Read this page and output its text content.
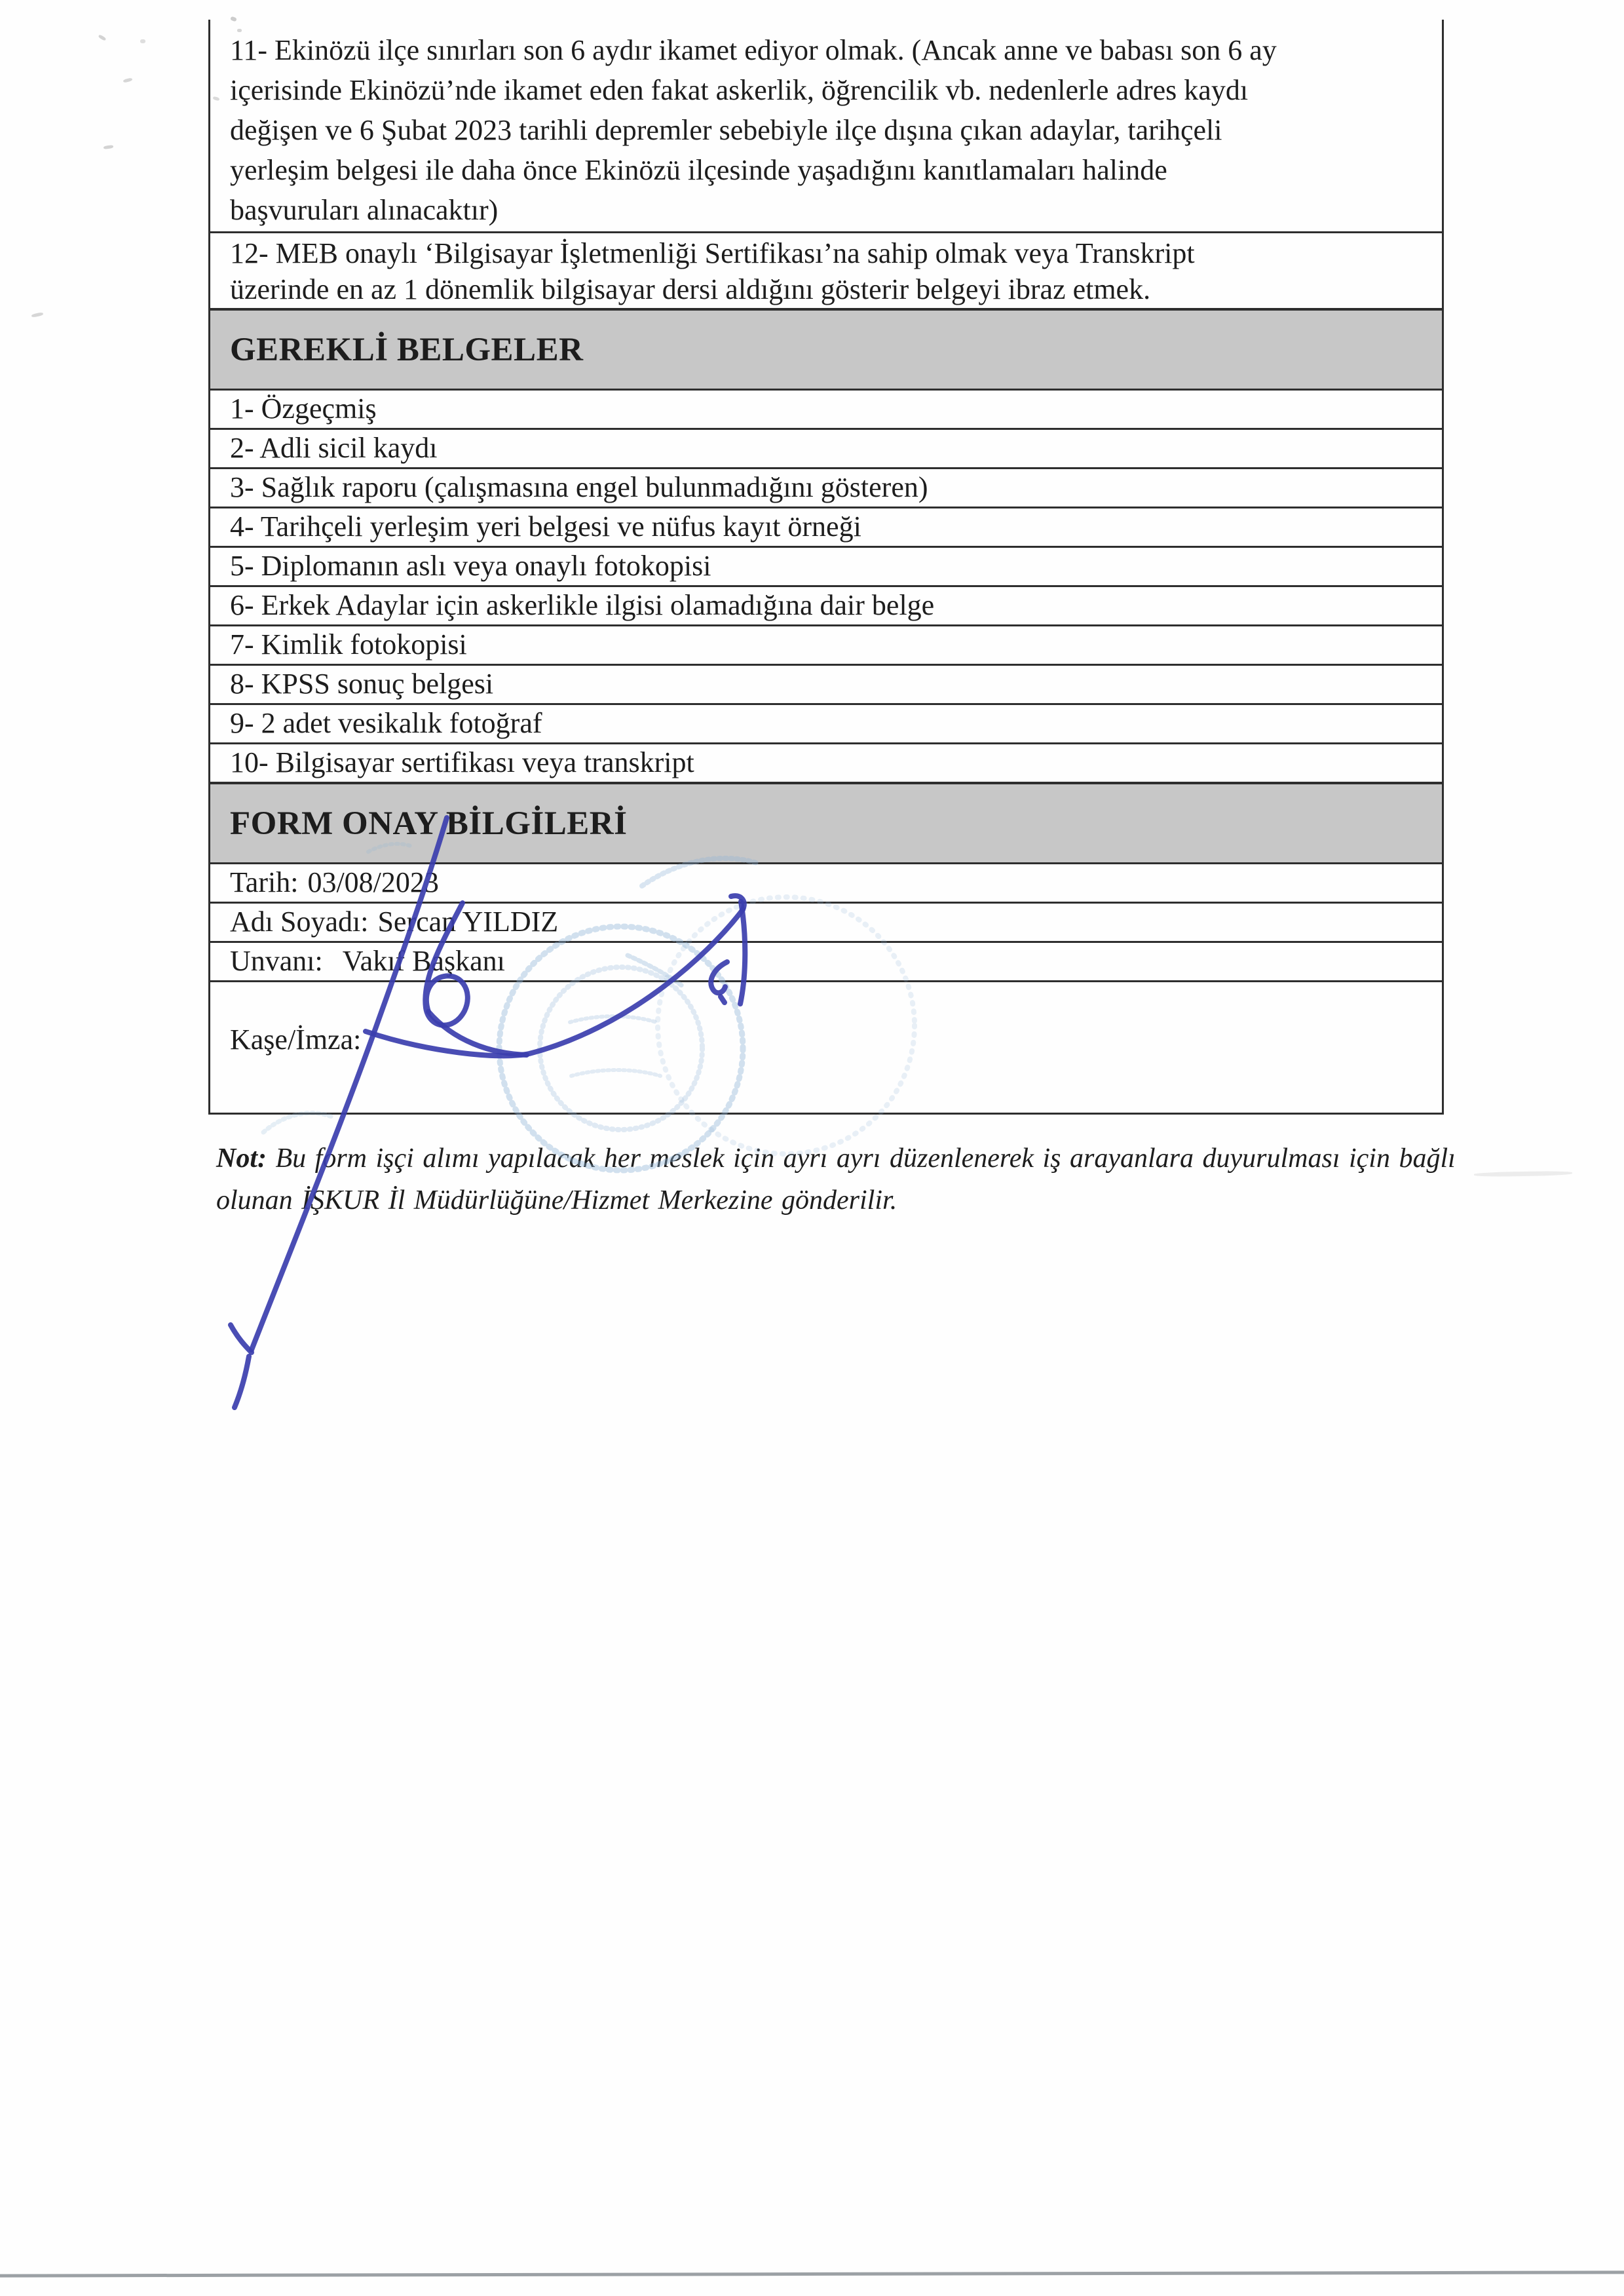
11- Ekinözü ilçe sınırları son 6 aydır ikamet ediyor olmak. (Ancak anne ve babası son 6 ay
içerisinde Ekinözü’nde ikamet eden fakat askerlik, öğrencilik vb. nedenlerle adres kaydı
değişen ve 6 Şubat 2023 tarihli depremler sebebiyle ilçe dışına çıkan adaylar, tarihçeli
yerleşim belgesi ile daha önce Ekinözü ilçesinde yaşadığını kanıtlamaları halinde
başvuruları alınacaktır)
12- MEB onaylı ‘Bilgisayar İşletmenliği Sertifikası’na sahip olmak veya Transkript
üzerinde en az 1 dönemlik bilgisayar dersi aldığını gösterir belgeyi ibraz etmek.
GEREKLİ BELGELER
1- Özgeçmiş
2- Adli sicil kaydı
3- Sağlık raporu (çalışmasına engel bulunmadığını gösteren)
4- Tarihçeli yerleşim yeri belgesi ve nüfus kayıt örneği
5- Diplomanın aslı veya onaylı fotokopisi
6- Erkek Adaylar için askerlikle ilgisi olamadığına dair belge
7- Kimlik fotokopisi
8- KPSS sonuç belgesi
9- 2 adet vesikalık fotoğraf
10- Bilgisayar sertifikası veya transkript
FORM ONAY BİLGİLERİ
Tarih: 03/08/2023
Adı Soyadı: Sercan YILDIZ
Unvanı: Vakıf Başkanı
Kaşe/İmza:
Not: Bu form işçi alımı yapılacak her meslek için ayrı ayrı düzenlenerek iş arayanlara duyurulması için bağlı
olunan İŞKUR İl Müdürlüğüne/Hizmet Merkezine gönderilir.
